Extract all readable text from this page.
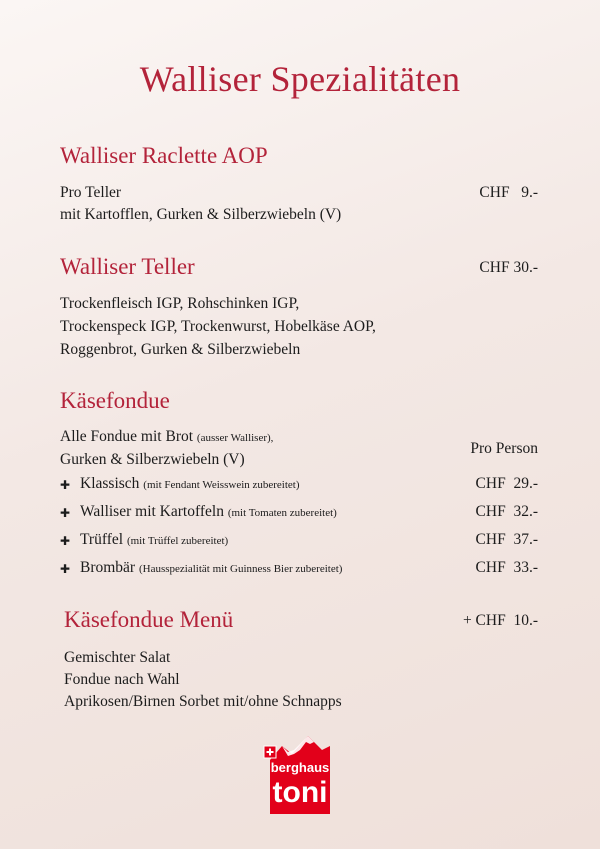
Walliser Spezialitäten
Walliser Raclette AOP
Pro Teller
mit Kartofflen, Gurken & Silberzwiebeln (V)
CHF   9.-
Walliser Teller	CHF 30.-
Trockenfleisch IGP, Rohschinken IGP,
Trockenspeck IGP, Trockenwurst, Hobelkäse AOP,
Roggenbrot, Gurken & Silberzwiebeln
Käsefondue
Alle Fondue mit Brot (ausser Walliser),
Gurken & Silberzwiebeln (V)
Pro Person
✚ Klassisch (mit Fendant Weisswein zubereitet)	CHF  29.-
✚ Walliser mit Kartoffeln (mit Tomaten zubereitet)	CHF  32.-
✚ Trüffel (mit Trüffel zubereitet)	CHF  37.-
✚ Brombär (Hausspezialität mit Guinness Bier zubereitet)	CHF  33.-
Käsefondue Menü	+ CHF  10.-
Gemischter Salat
Fondue nach Wahl
Aprikosen/Birnen Sorbet mit/ohne Schnapps
berghaus
toni
